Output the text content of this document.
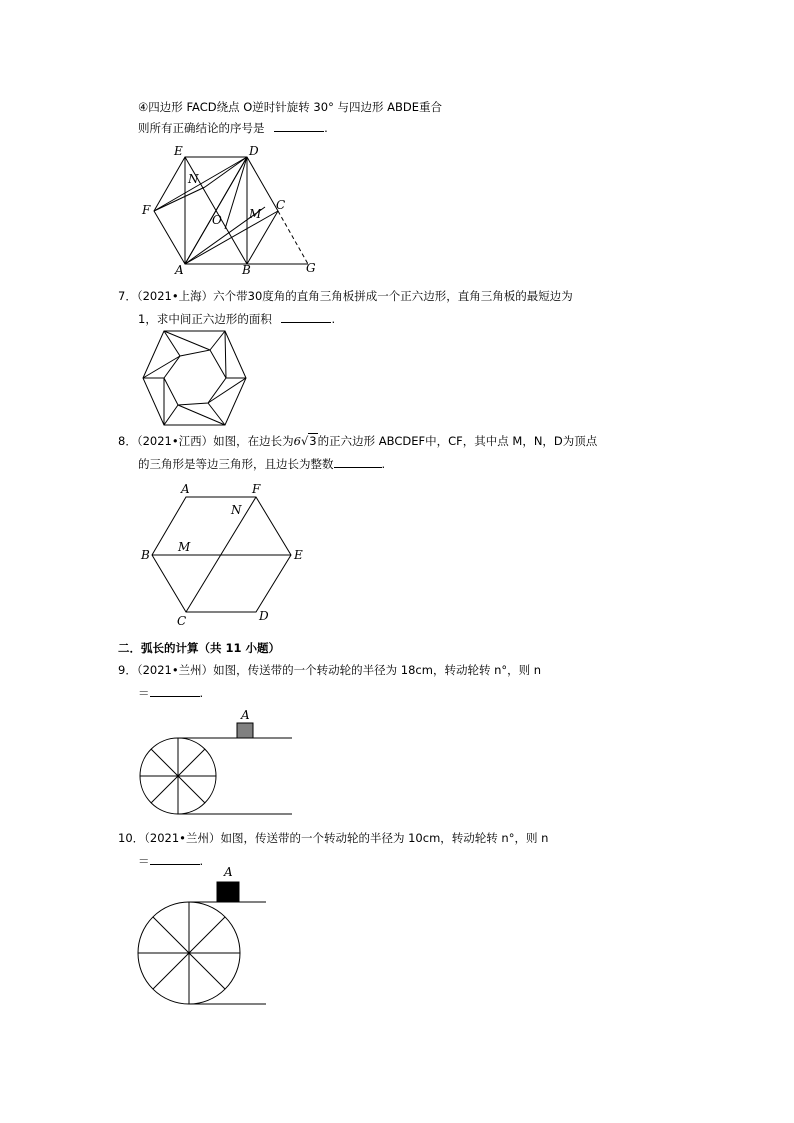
④四边形 FACD绕点 O逆时针旋转 30° 与四边形 ABDE重合
则所有正确结论的序号是	.
E	D
N
F
O M
C
A	B	G
A	F
N
B
M
E
C	D
A
A
7．（2021•上海）六个带30度角的直角三角板拼成一个正六边形，直角三角板的最短边为
1，求中间正六边形的面积	.
8．（2021•江西）如图，在边长为6√3的正六边形 ABCDEF中，CF，其中点 M，N，D为顶点
的三角形是等边三角形，且边长为整数	.
二．弧长的计算（共 11 小题）
9．（2021•兰州）如图，传送带的一个转动轮的半径为 18cm，转动轮转 n°，则 n
＝	.
10．（2021•兰州）如图，传送带的一个转动轮的半径为 10cm，转动轮转 n°，则 n
＝	.
